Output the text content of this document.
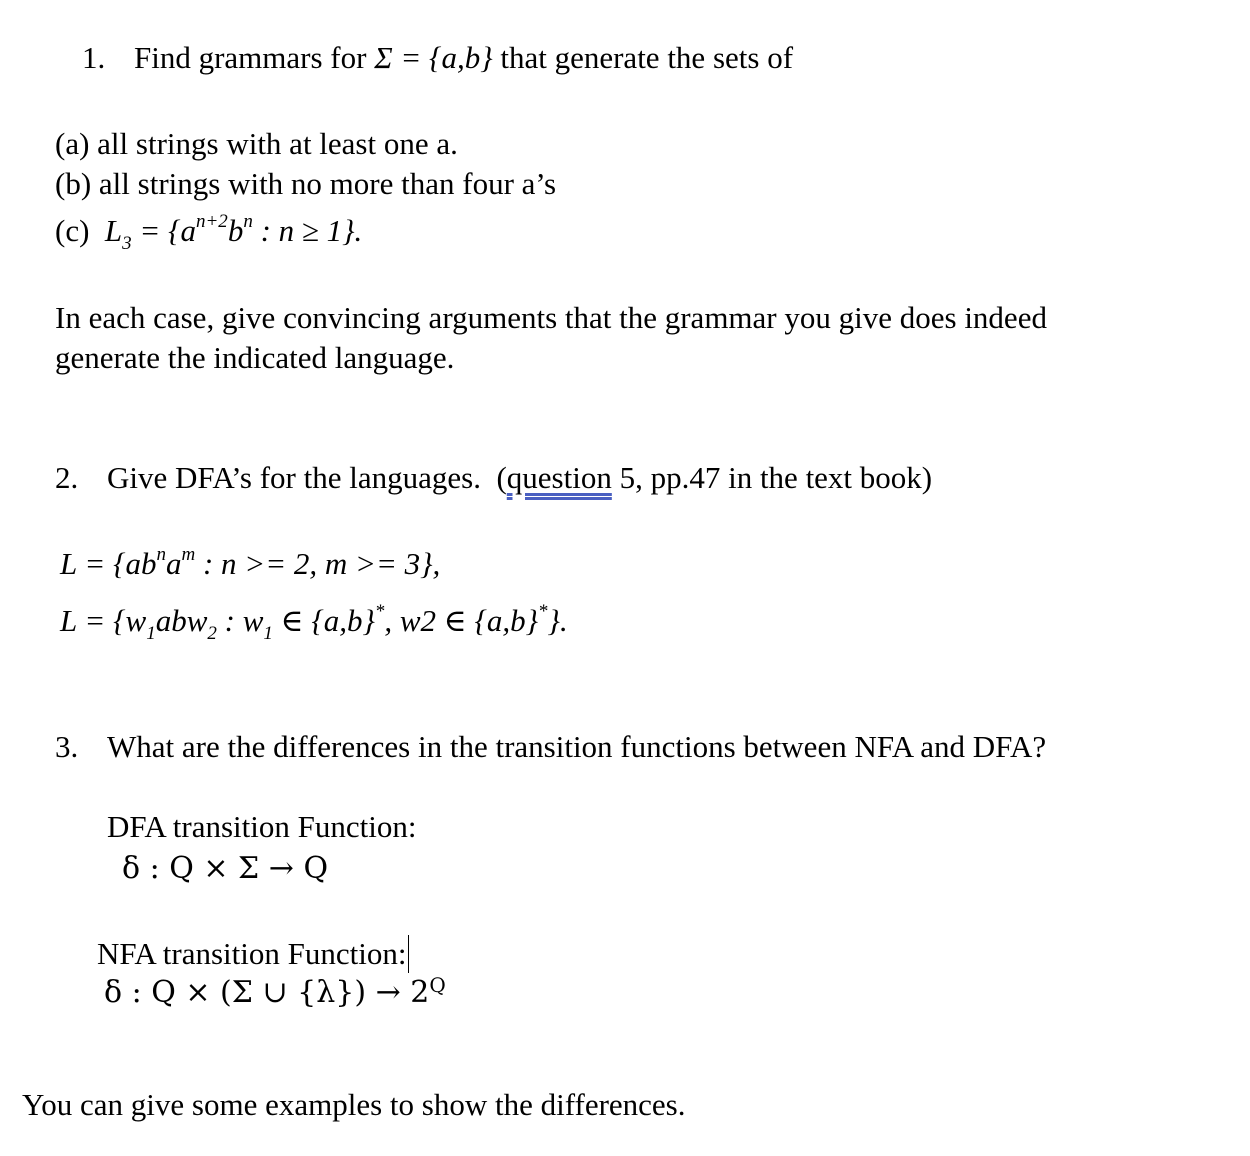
1. Find grammars for Σ = {a,b} that generate the sets of
(a) all strings with at least one a.
(b) all strings with no more than four a’s
(c) $L_3 = \{a^{n+2}b^n$ : n ≥ 1}.
In each case, give convincing arguments that the grammar you give does indeed
generate the indicated language.
2. Give DFA’s for the languages. (question 5, pp.47 in the text book)
$L = \{ab^na^m$ : n >= 2, m >= 3},
$L = \{w_1abw_2$ : $w_1$ ∈ {a,b}*, w2 ∈ {a,b}*}.
3. What are the differences in the transition functions between NFA and DFA?
DFA transition Function:
δ : Q × Σ → Q
NFA transition Function:
δ : Q × (Σ ∪ $\{\lambda\}) \to 2^Q$
You can give some examples to show the differences.
